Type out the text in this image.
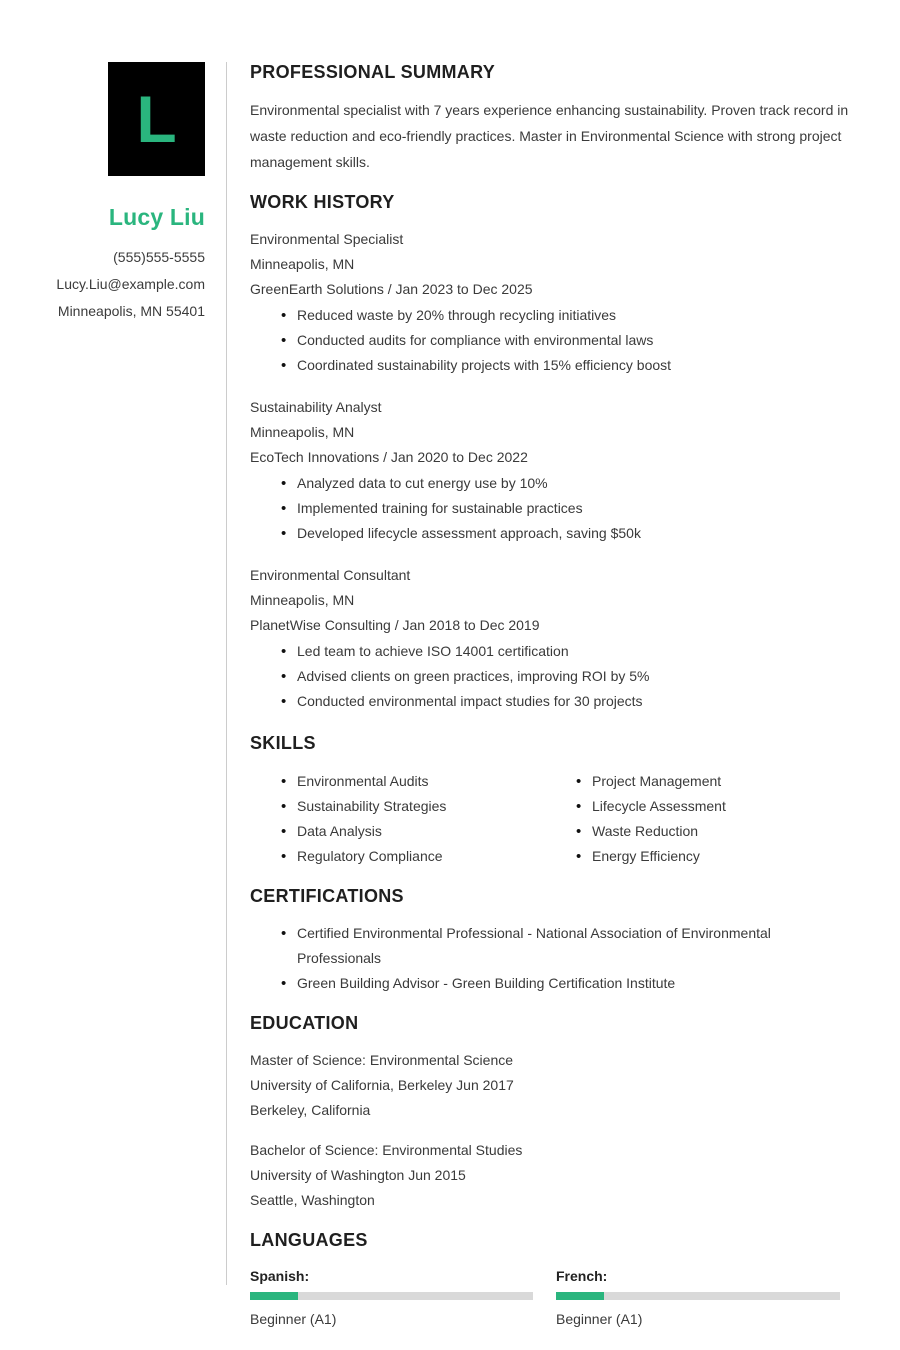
L
Lucy Liu
(555)555-5555
Lucy.Liu@example.com
Minneapolis, MN 55401
PROFESSIONAL SUMMARY

Environmental specialist with 7 years experience enhancing sustainability. Proven track record in waste reduction and eco-friendly practices. Master in Environmental Science with strong project management skills.

WORK HISTORY
Environmental Specialist
Minneapolis, MN
GreenEarth Solutions / Jan 2023 to Dec 2025
• Reduced waste by 20% through recycling initiatives
• Conducted audits for compliance with environmental laws
• Coordinated sustainability projects with 15% efficiency boost
Sustainability Analyst
Minneapolis, MN
EcoTech Innovations / Jan 2020 to Dec 2022
• Analyzed data to cut energy use by 10%
• Implemented training for sustainable practices
• Developed lifecycle assessment approach, saving $50k
Environmental Consultant
Minneapolis, MN
PlanetWise Consulting / Jan 2018 to Dec 2019
• Led team to achieve ISO 14001 certification
• Advised clients on green practices, improving ROI by 5%
• Conducted environmental impact studies for 30 projects
SKILLS
• Environmental Audits
• Sustainability Strategies
• Data Analysis
• Regulatory Compliance
• Project Management
• Lifecycle Assessment
• Waste Reduction
• Energy Efficiency
CERTIFICATIONS
• Certified Environmental Professional - National Association of Environmental Professionals
• Green Building Advisor - Green Building Certification Institute
EDUCATION
Master of Science: Environmental Science
University of California, Berkeley Jun 2017
Berkeley, California
Bachelor of Science: Environmental Studies
University of Washington Jun 2015
Seattle, Washington
LANGUAGES
Spanish:
Beginner (A1)
French:
Beginner (A1)
